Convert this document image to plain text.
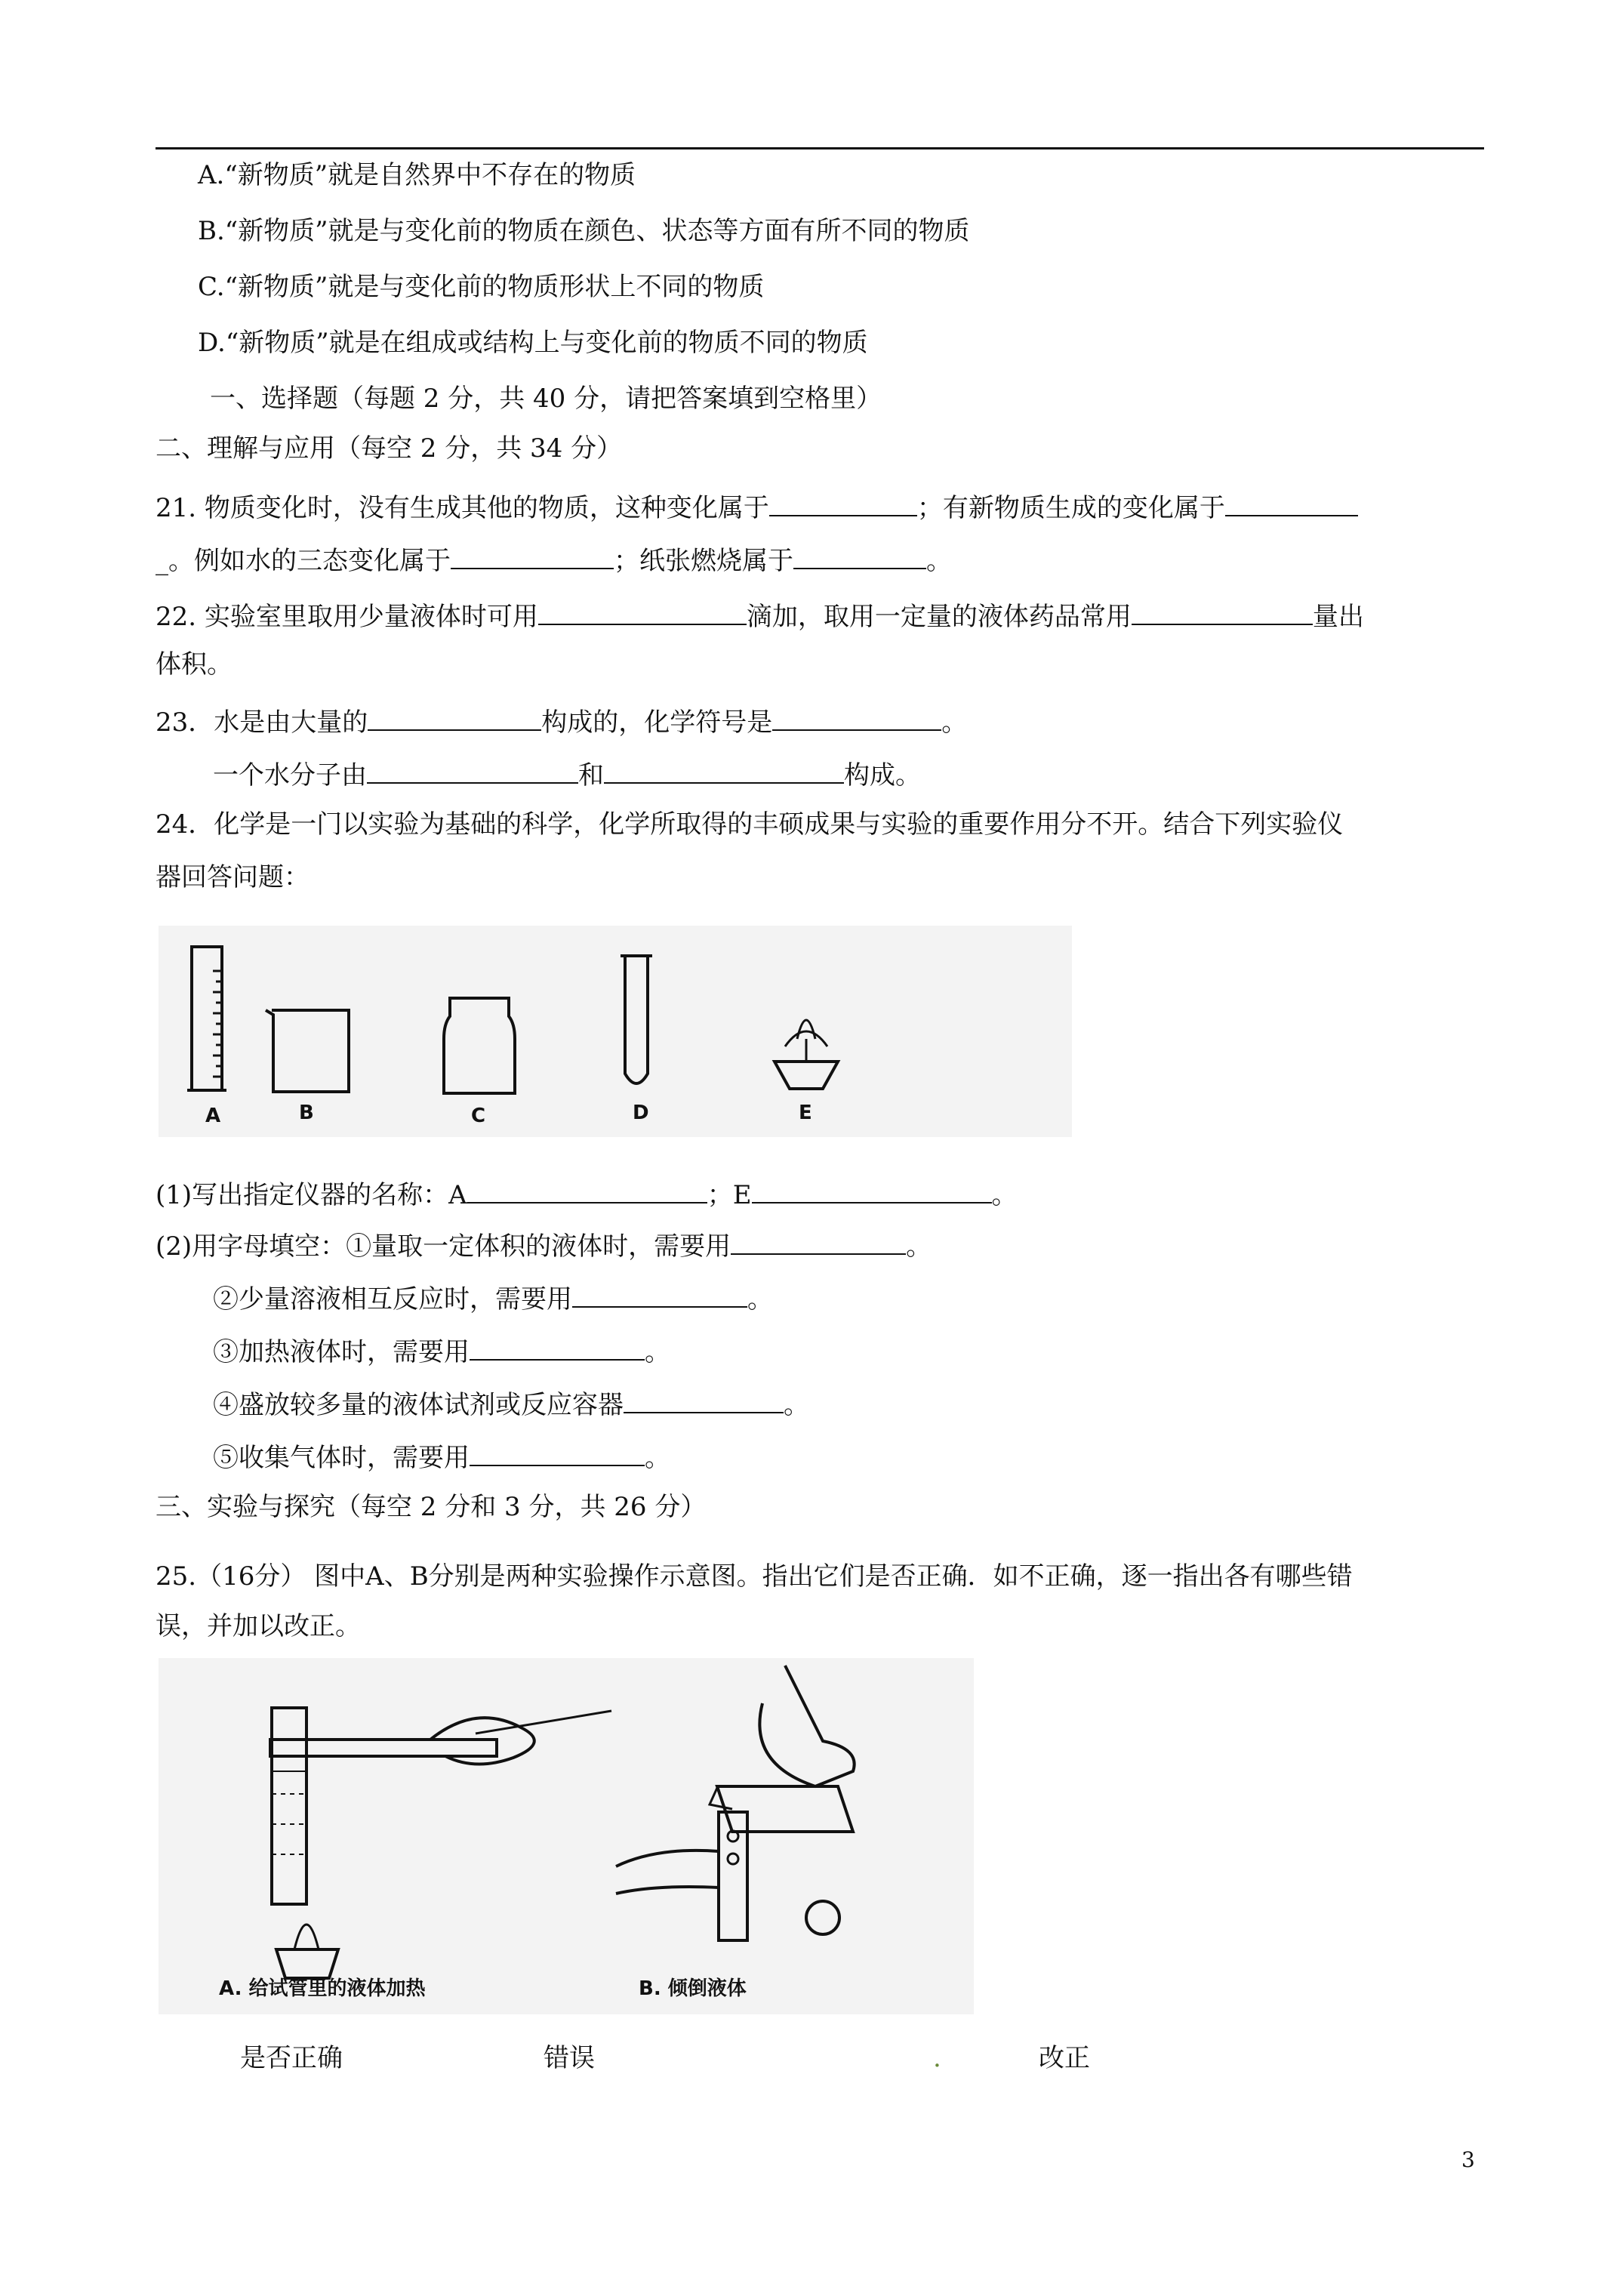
A.“新物质”就是自然界中不存在的物质
B.“新物质”就是与变化前的物质在颜色、状态等方面有所不同的物质
C.“新物质”就是与变化前的物质形状上不同的物质
D.“新物质”就是在组成或结构上与变化前的物质不同的物质
一、选择题（每题 2 分，共 40 分，请把答案填到空格里）
二、理解与应用（每空 2 分，共 34 分）
21. 物质变化时，没有生成其他的物质，这种变化属于	；有新物质生成的变化属于
_。例如水的三态变化属于	；纸张燃烧属于	。
22. 实验室里取用少量液体时可用	滴加，取用一定量的液体药品常用	量出
体积。
23．水是由大量的	构成的，化学符号是	。
一个水分子由	和	构成。
24．化学是一门以实验为基础的科学，化学所取得的丰硕成果与实验的重要作用分不开。结合下列实验仪
器回答问题：
A	B	C	D	E
(1)写出指定仪器的名称：A	；E	。
(2)用字母填空：①量取一定体积的液体时，需要用	。
②少量溶液相互反应时，需要用	。
③加热液体时，需要用	。
④盛放较多量的液体试剂或反应容器	。
⑤收集气体时，需要用	。
三、实验与探究（每空 2 分和 3 分，共 26 分）
25.（16分） 图中A、B分别是两种实验操作示意图。指出它们是否正确．如不正确，逐一指出各有哪些错
误，并加以改正。
A. 给试管里的液体加热	B. 倾倒液体
是否正确	错误	.	改正
3
